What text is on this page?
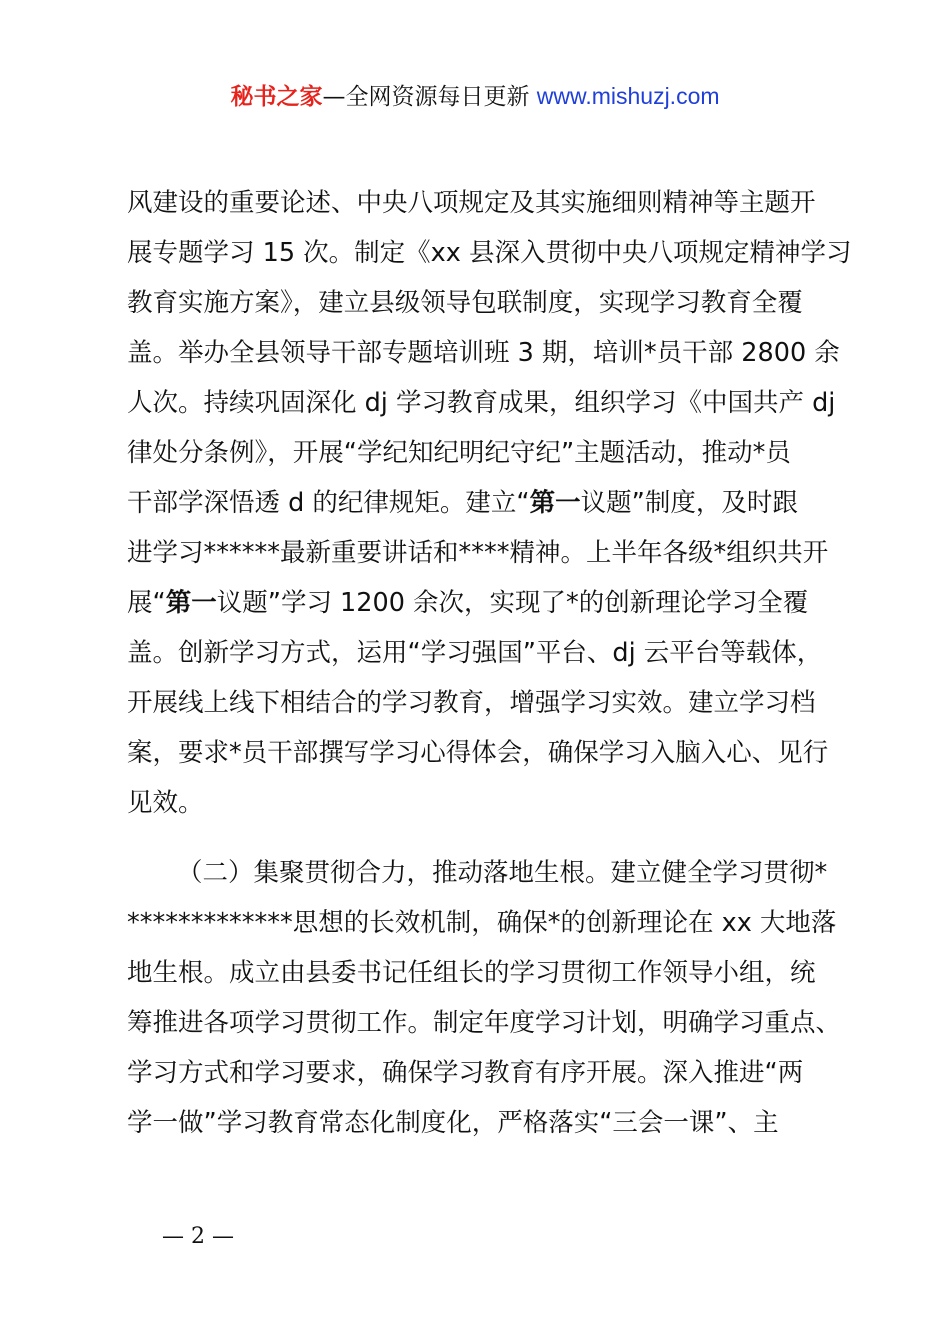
秘书之家—全网资源每日更新 www.mishuzj.com
风建设的重要论述、中央八项规定及其实施细则精神等主题开
展专题学习 15 次。制定《xx 县深入贯彻中央八项规定精神学习
教育实施方案》，建立县级领导包联制度，实现学习教育全覆
盖。举办全县领导干部专题培训班 3 期，培训*员干部 2800 余
人次。持续巩固深化 dj 学习教育成果，组织学习《中国共产 dj
律处分条例》，开展“学纪知纪明纪守纪”主题活动，推动*员
干部学深悟透 d 的纪律规矩。建立“第一议题”制度，及时跟
进学习******最新重要讲话和****精神。上半年各级*组织共开
展“第一议题”学习 1200 余次，实现了*的创新理论学习全覆
盖。创新学习方式，运用“学习强国”平台、dj 云平台等载体，
开展线上线下相结合的学习教育，增强学习实效。建立学习档
案，要求*员干部撰写学习心得体会，确保学习入脑入心、见行
见效。
（二）集聚贯彻合力，推动落地生根。建立健全学习贯彻*
*************思想的长效机制，确保*的创新理论在 xx 大地落
地生根。成立由县委书记任组长的学习贯彻工作领导小组，统
筹推进各项学习贯彻工作。制定年度学习计划，明确学习重点、
学习方式和学习要求，确保学习教育有序开展。深入推进“两
学一做”学习教育常态化制度化，严格落实“三会一课”、主
— 2 —
